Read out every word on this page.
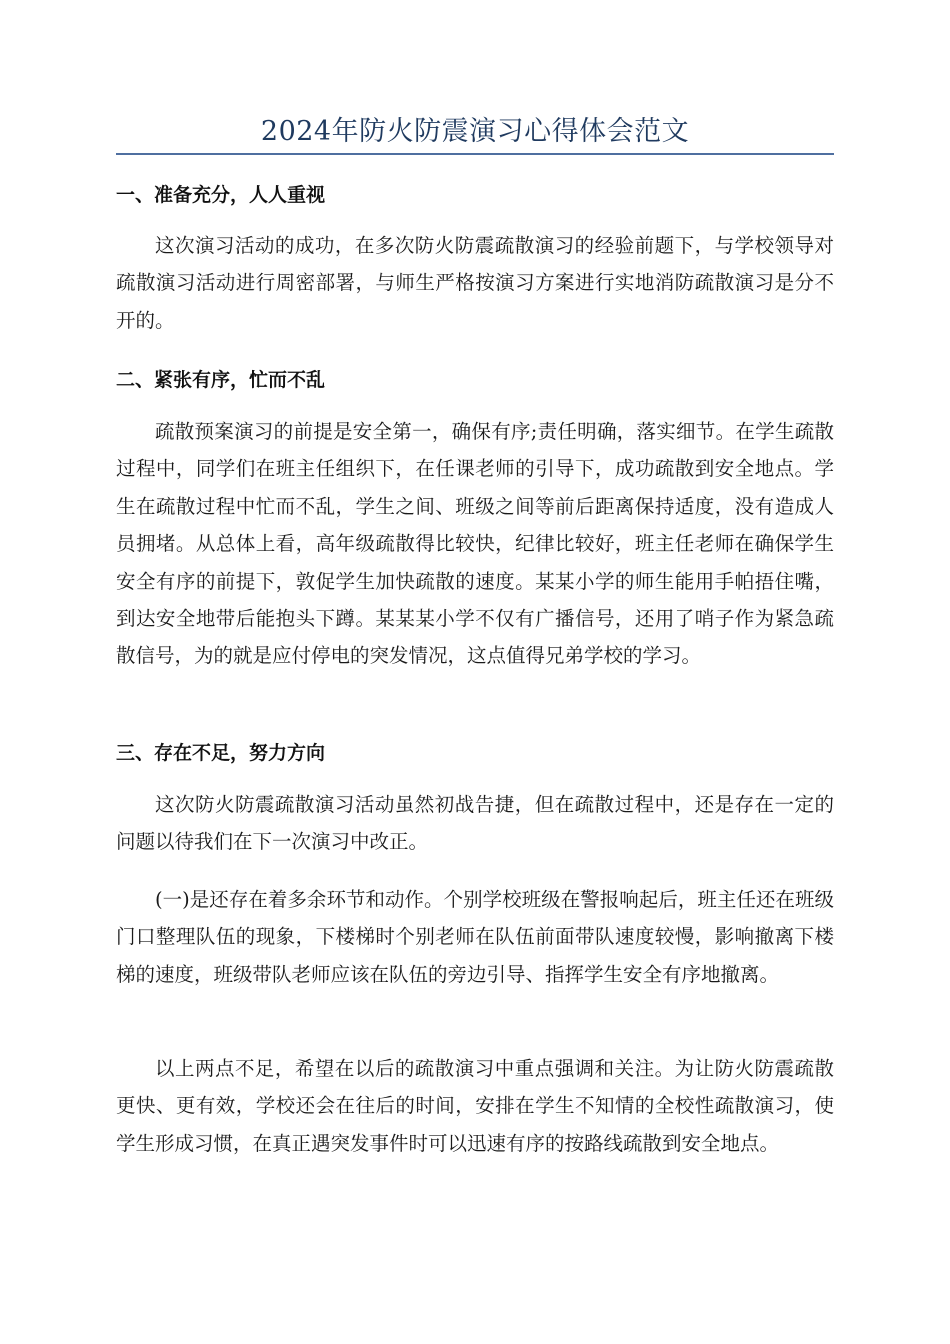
2024年防火防震演习心得体会范文
一、准备充分，人人重视

这次演习活动的成功，在多次防火防震疏散演习的经验前题下，与学校领导对疏散演习活动进行周密部署，与师生严格按演习方案进行实地消防疏散演习是分不开的。

二、紧张有序，忙而不乱

疏散预案演习的前提是安全第一，确保有序;责任明确，落实细节。在学生疏散过程中，同学们在班主任组织下，在任课老师的引导下，成功疏散到安全地点。学生在疏散过程中忙而不乱，学生之间、班级之间等前后距离保持适度，没有造成人员拥堵。从总体上看，高年级疏散得比较快，纪律比较好，班主任老师在确保学生安全有序的前提下，敦促学生加快疏散的速度。某某小学的师生能用手帕捂住嘴，到达安全地带后能抱头下蹲。某某某小学不仅有广播信号，还用了哨子作为紧急疏散信号，为的就是应付停电的突发情况，这点值得兄弟学校的学习。

三、存在不足，努力方向

这次防火防震疏散演习活动虽然初战告捷，但在疏散过程中，还是存在一定的问题以待我们在下一次演习中改正。

(一)是还存在着多余环节和动作。个别学校班级在警报响起后，班主任还在班级门口整理队伍的现象，下楼梯时个别老师在队伍前面带队速度较慢，影响撤离下楼梯的速度，班级带队老师应该在队伍的旁边引导、指挥学生安全有序地撤离。

以上两点不足，希望在以后的疏散演习中重点强调和关注。为让防火防震疏散更快、更有效，学校还会在往后的时间，安排在学生不知情的全校性疏散演习，使学生形成习惯，在真正遇突发事件时可以迅速有序的按路线疏散到安全地点。
